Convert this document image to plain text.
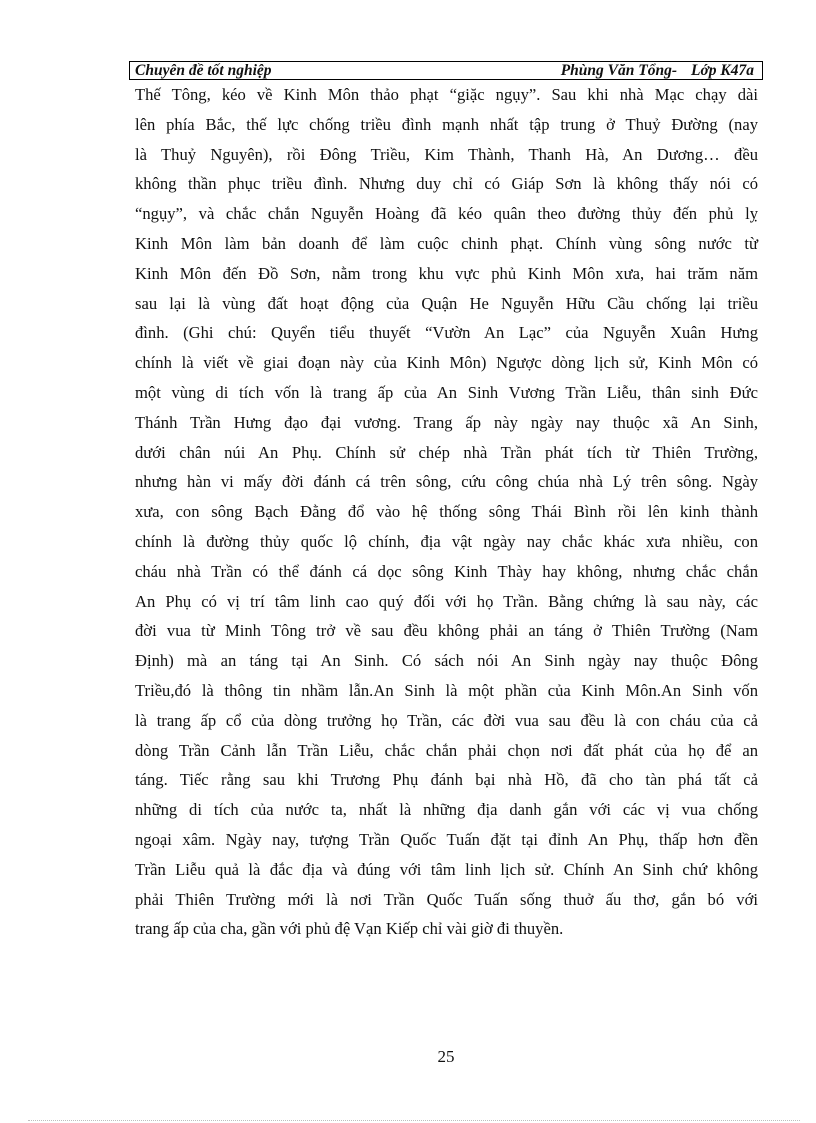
Chuyên đề tốt nghiệp	Phùng Văn Tổng- Lớp K47a
Thế Tông, kéo về Kinh Môn thảo phạt “giặc ngụy”. Sau khi nhà Mạc chạy dài
lên phía Bắc, thế lực chống triều đình mạnh nhất tập trung ở Thuỷ Đường (nay
là Thuỷ Nguyên), rồi Đông Triều, Kim Thành, Thanh Hà, An Dương… đều
không thần phục triều đình. Nhưng duy chỉ có Giáp Sơn là không thấy nói có
“ngụy”, và chắc chắn Nguyễn Hoàng đã kéo quân theo đường thủy đến phủ lỵ
Kinh Môn làm bản doanh để làm cuộc chinh phạt. Chính vùng sông nước từ
Kinh Môn đến Đồ Sơn, nằm trong khu vực phủ Kinh Môn xưa, hai trăm năm
sau lại là vùng đất hoạt động của Quận He Nguyễn Hữu Cầu chống lại triều
đình. (Ghi chú: Quyển tiểu thuyết “Vườn An Lạc” của Nguyễn Xuân Hưng
chính là viết về giai đoạn này của Kinh Môn) Ngược dòng lịch sử, Kinh Môn có
một vùng di tích vốn là trang ấp của An Sinh Vương Trần Liễu, thân sinh Đức
Thánh Trần Hưng đạo đại vương. Trang ấp này ngày nay thuộc xã An Sinh,
dưới chân núi An Phụ. Chính sử chép nhà Trần phát tích từ Thiên Trường,
nhưng hàn vi mấy đời đánh cá trên sông, cứu công chúa nhà Lý trên sông. Ngày
xưa, con sông Bạch Đằng đổ vào hệ thống sông Thái Bình rồi lên kinh thành
chính là đường thủy quốc lộ chính, địa vật ngày nay chắc khác xưa nhiều, con
cháu nhà Trần có thể đánh cá dọc sông Kinh Thày hay không, nhưng chắc chắn
An Phụ có vị trí tâm linh cao quý đối với họ Trần. Bằng chứng là sau này, các
đời vua từ Minh Tông trở về sau đều không phải an táng ở Thiên Trường (Nam
Định) mà an táng tại An Sinh. Có sách nói An Sinh ngày nay thuộc Đông
Triều,đó là thông tin nhầm lẫn.An Sinh là một phần của Kinh Môn.An Sinh vốn
là trang ấp cổ của dòng trưởng họ Trần, các đời vua sau đều là con cháu của cả
dòng Trần Cảnh lẫn Trần Liễu, chắc chắn phải chọn nơi đất phát của họ để an
táng. Tiếc rằng sau khi Trương Phụ đánh bại nhà Hồ, đã cho tàn phá tất cả
những di tích của nước ta, nhất là những địa danh gắn với các vị vua chống
ngoại xâm. Ngày nay, tượng Trần Quốc Tuấn đặt tại đỉnh An Phụ, thấp hơn đền
Trần Liễu quả là đắc địa và đúng với tâm linh lịch sử. Chính An Sinh chứ không
phải Thiên Trường mới là nơi Trần Quốc Tuấn sống thuở ấu thơ, gắn bó với
trang ấp của cha, gần với phủ đệ Vạn Kiếp chỉ vài giờ đi thuyền.
25
